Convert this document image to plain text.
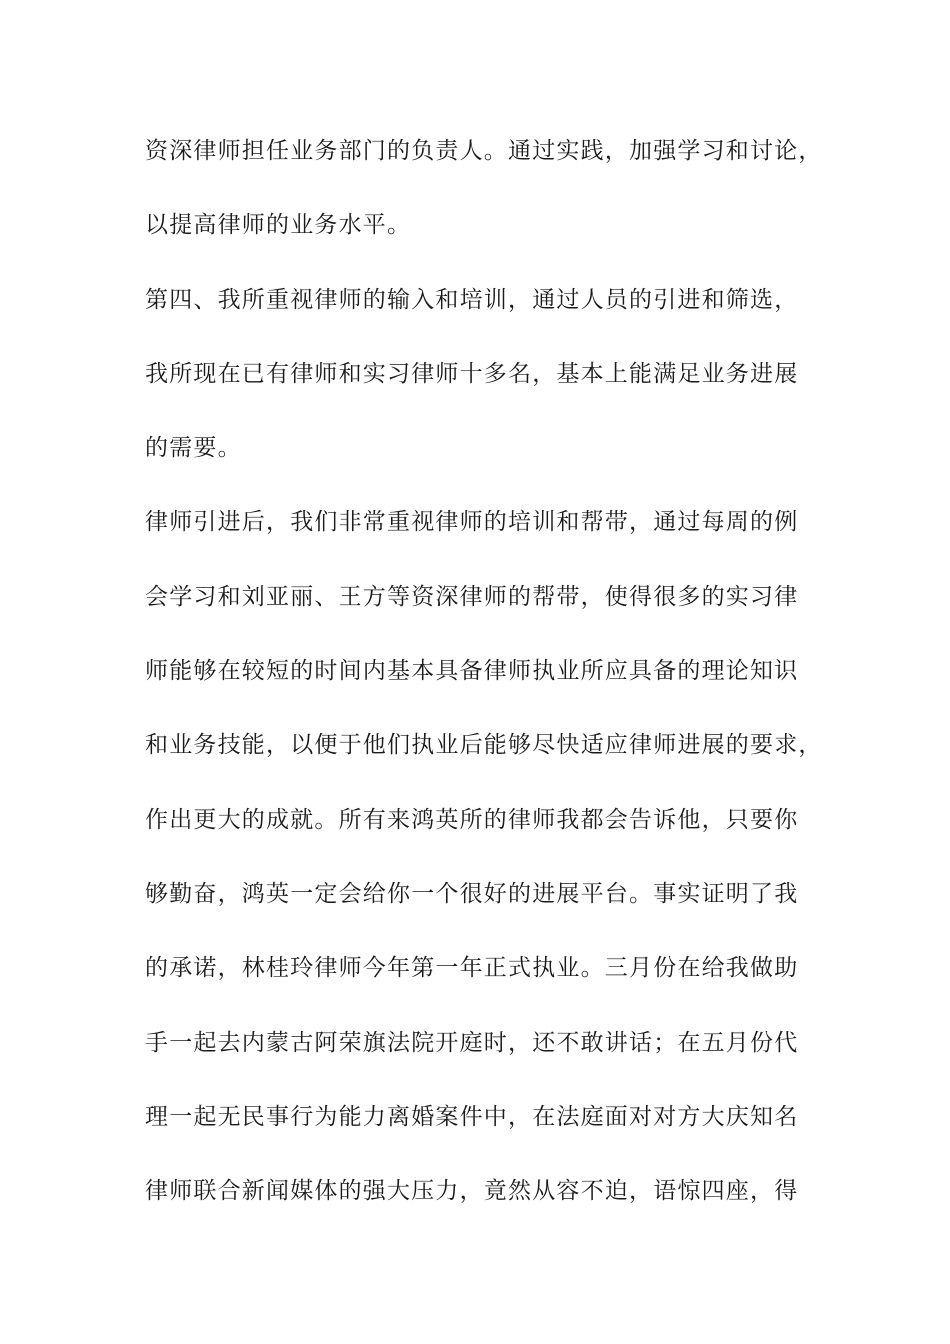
资深律师担任业务部门的负责人。通过实践，加强学习和讨论，

以提高律师的业务水平。

第四、我所重视律师的输入和培训，通过人员的引进和筛选，

我所现在已有律师和实习律师十多名，基本上能满足业务进展

的需要。

律师引进后，我们非常重视律师的培训和帮带，通过每周的例

会学习和刘亚丽、王方等资深律师的帮带，使得很多的实习律

师能够在较短的时间内基本具备律师执业所应具备的理论知识

和业务技能，以便于他们执业后能够尽快适应律师进展的要求，

作出更大的成就。所有来鸿英所的律师我都会告诉他，只要你

够勤奋，鸿英一定会给你一个很好的进展平台。事实证明了我

的承诺，林桂玲律师今年第一年正式执业。三月份在给我做助

手一起去内蒙古阿荣旗法院开庭时，还不敢讲话；在五月份代

理一起无民事行为能力离婚案件中，在法庭面对对方大庆知名

律师联合新闻媒体的强大压力，竟然从容不迫，语惊四座，得
